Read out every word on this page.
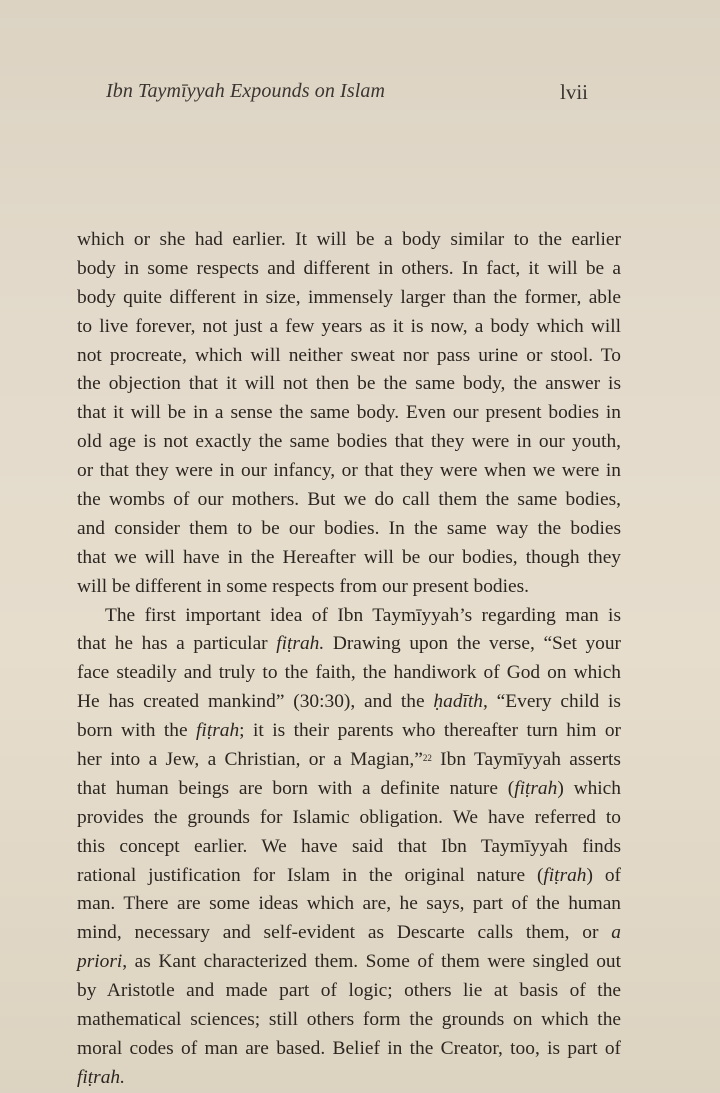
Ibn Taymīyyah Expounds on Islam	lvii
which or she had earlier. It will be a body similar to the earlier
body in some respects and different in others. In fact, it will be a
body quite different in size, immensely larger than the former, able
to live forever, not just a few years as it is now, a body which will
not procreate, which will neither sweat nor pass urine or stool. To
the objection that it will not then be the same body, the answer is
that it will be in a sense the same body. Even our present bodies in
old age is not exactly the same bodies that they were in our youth,
or that they were in our infancy, or that they were when we were in
the wombs of our mothers. But we do call them the same bodies,
and consider them to be our bodies. In the same way the bodies
that we will have in the Hereafter will be our bodies, though they
will be different in some respects from our present bodies.
The first important idea of Ibn Taymīyyah’s regarding man is
that he has a particular fiṭrah. Drawing upon the verse, “Set your
face steadily and truly to the faith, the handiwork of God on which
He has created mankind” (30:30), and the ḥadīth, “Every child is
born with the fiṭrah; it is their parents who thereafter turn him or
her into a Jew, a Christian, or a Magian,”$^{22}$ Ibn Taymīyyah asserts
that human beings are born with a definite nature (fiṭrah) which
provides the grounds for Islamic obligation. We have referred to
this concept earlier. We have said that Ibn Taymīyyah finds
rational justification for Islam in the original nature (fiṭrah) of
man. There are some ideas which are, he says, part of the human
mind, necessary and self-evident as Descarte calls them, or a
priori, as Kant characterized them. Some of them were singled out
by Aristotle and made part of logic; others lie at basis of the
mathematical sciences; still others form the grounds on which the
moral codes of man are based. Belief in the Creator, too, is part of
fiṭrah.
